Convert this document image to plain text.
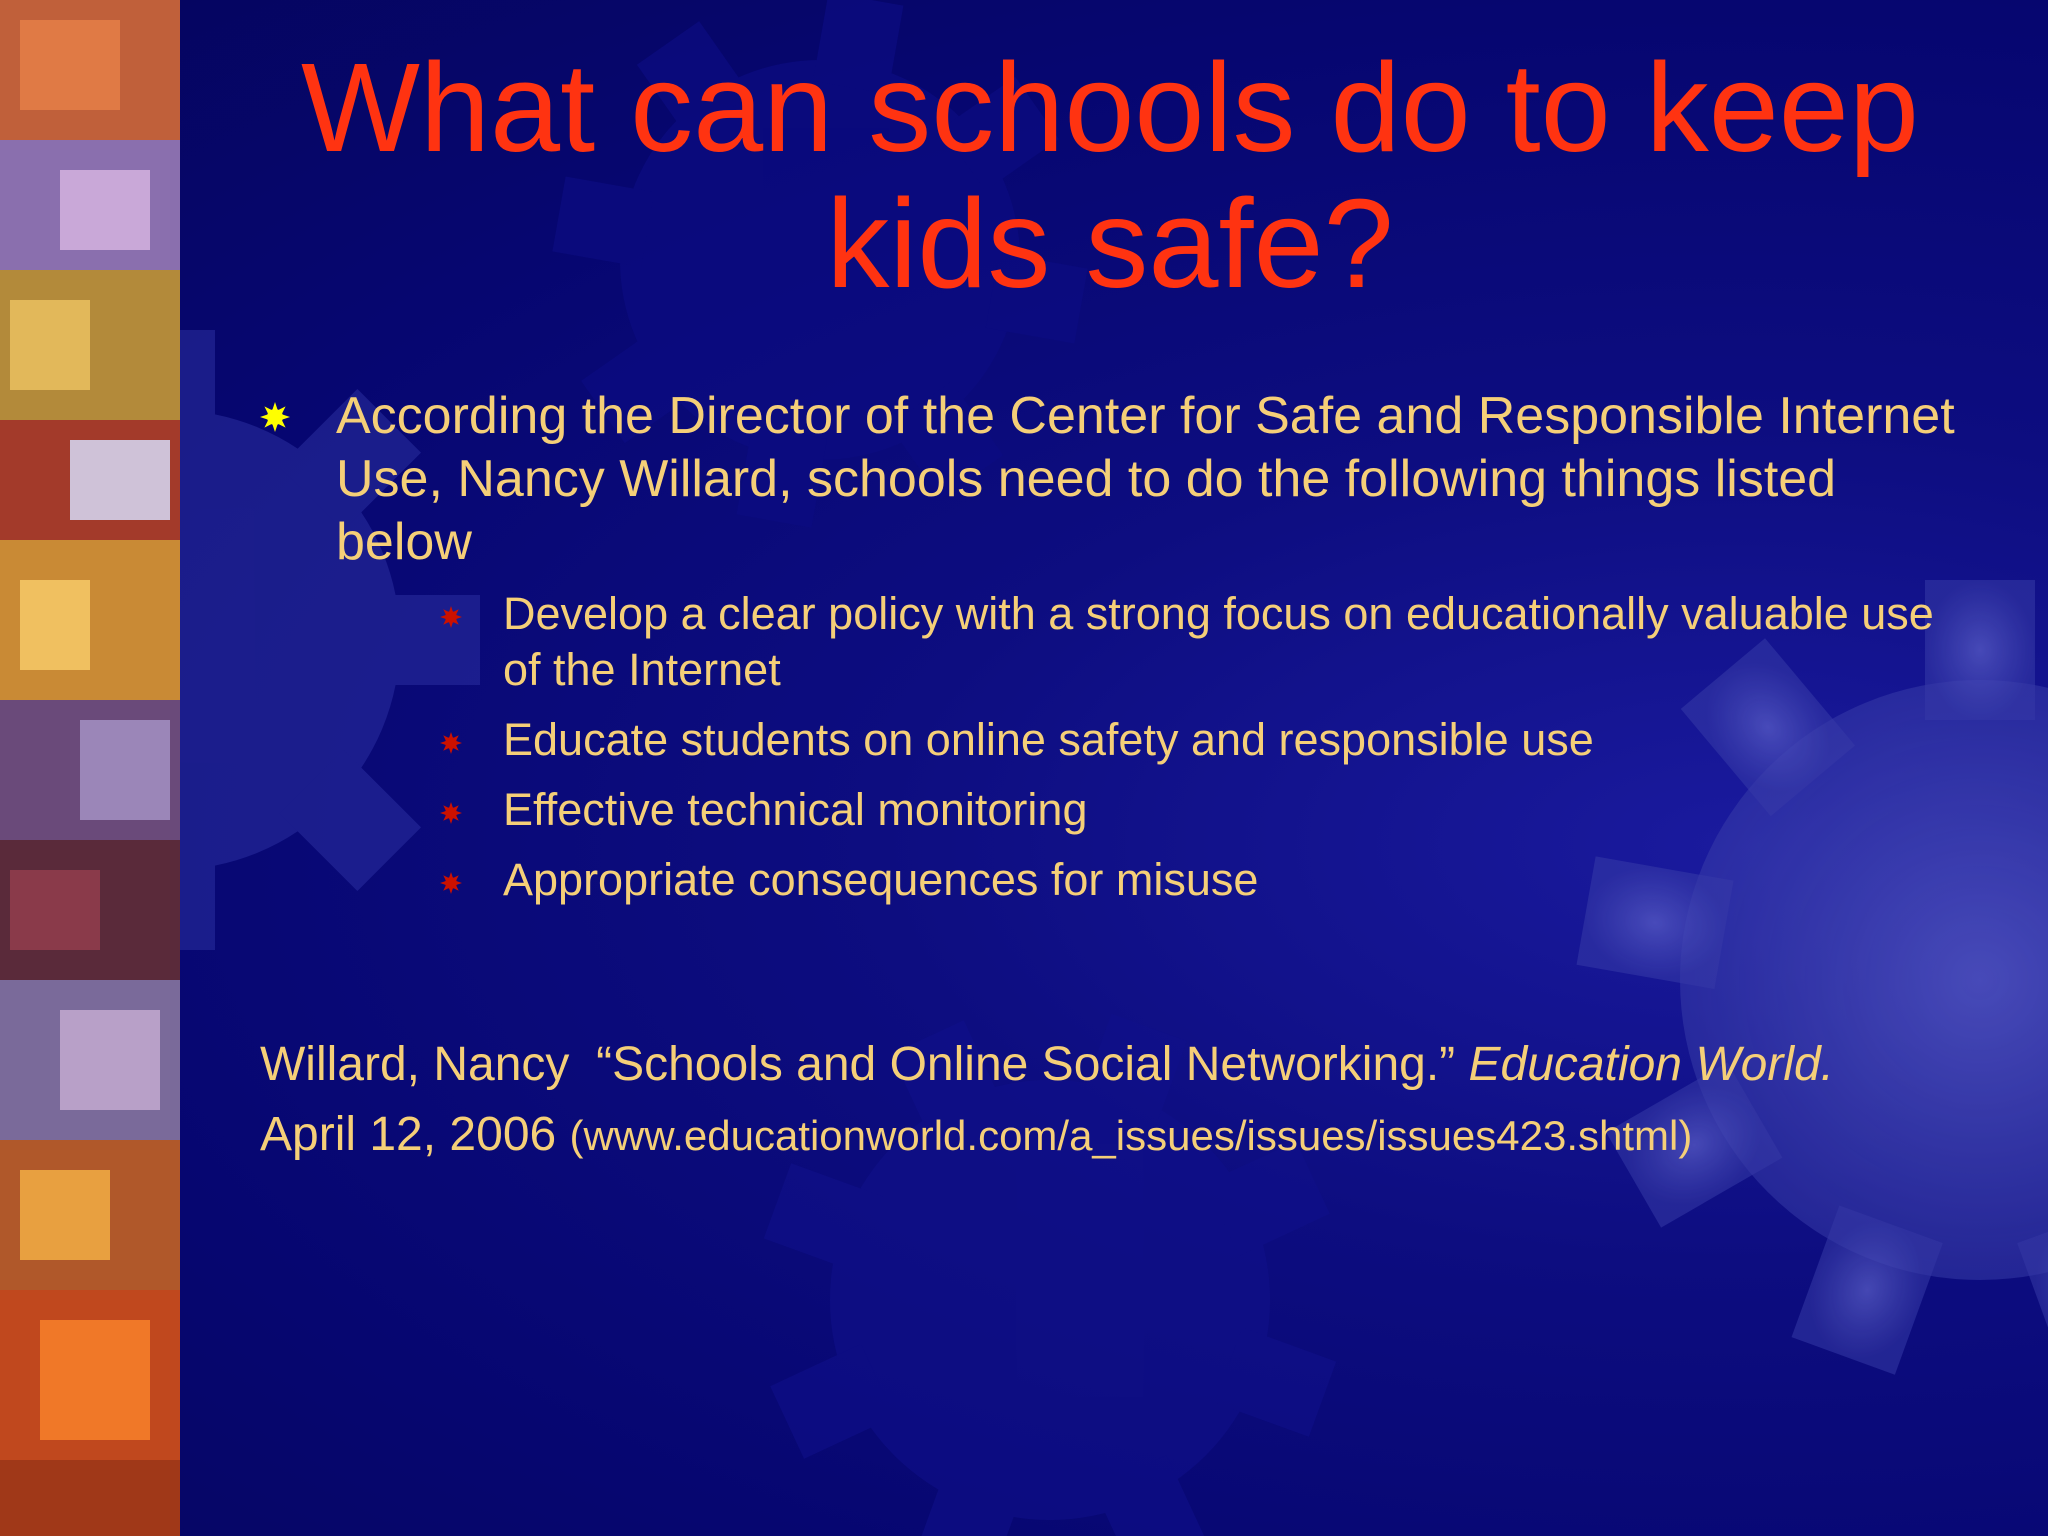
What can schools do to keep kids safe?
According the Director of the Center for Safe and Responsible Internet Use, Nancy Willard, schools need to do the following things listed below
Develop a clear policy with a strong focus on educationally valuable use of the Internet
Educate students on online safety and responsible use
Effective technical monitoring
Appropriate consequences for misuse
Willard, Nancy “Schools and Online Social Networking.” Education World.
April 12, 2006 (www.educationworld.com/a_issues/issues/issues423.shtml)
